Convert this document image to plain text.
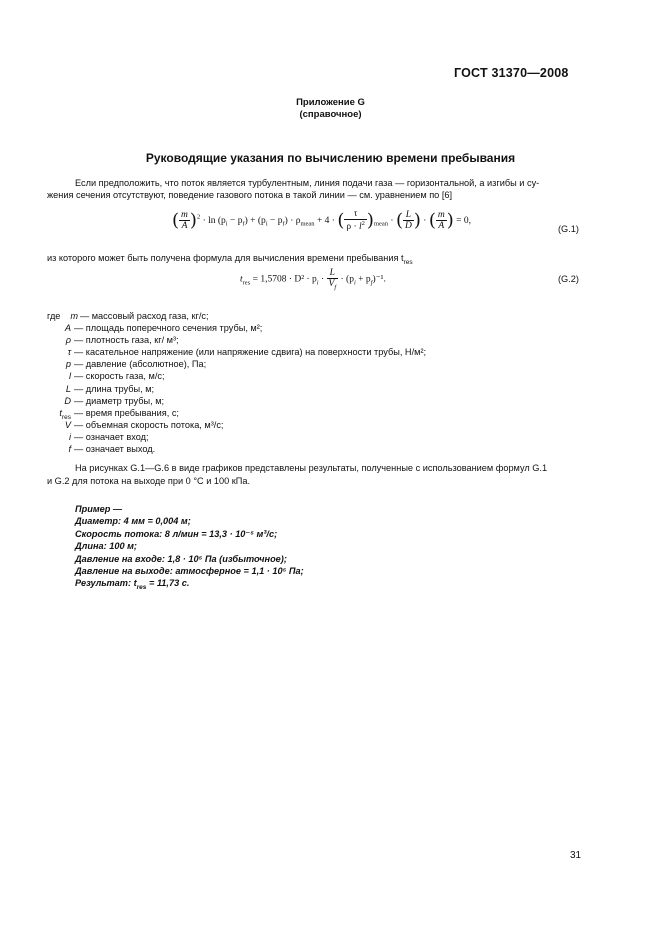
ГОСТ 31370—2008
Приложение G
(справочное)
Руководящие указания по вычислению времени пребывания
Если предположить, что поток является турбулентным, линия подачи газа — горизонтальной, а изгибы и су-
жения сечения отсутствуют, поведение газового потока в такой линии — см. уравнением по [6]
( $\frac{m}{A} )^2 \cdot \ln (p_i - p_f) + (p_i - p_f) \cdot \rho_{mean} + 4$ · ( $\frac{\tau}{\rho \cdot l^2} )_{mean}$ · ( $\frac{L}{D}$ ) · ( $\frac{m}{A}$ ) = 0,
(G.1)
из которого может быть получена формула для вычисления времени пребывания $t_{res}$
$t_{res} = 1,5708 \cdot D^2 \cdot p_i \cdot \frac{L}{V_f} \cdot (p_i + p_f)^{-1}$.	(G.2)
где	m — массовый расход газа, кг/с;
A — площадь поперечного сечения трубы, м²;
ρ — плотность газа, кг/ м³;
τ — касательное напряжение (или напряжение сдвига) на поверхности трубы, Н/м²;
p — давление (абсолютное), Па;
l — скорость газа, м/с;
L — длина трубы, м;
D — диаметр трубы, м;
$t_{res}$ — время пребывания, с;
V — объемная скорость потока, м³/с;
i — означает вход;
f — означает выход.
На рисунках G.1—G.6 в виде графиков представлены результаты, полученные с использованием формул G.1
и G.2 для потока на выходе при 0 °С и 100 кПа.
Пример —
Диаметр: 4 мм = 0,004 м;
Скорость потока: 8 л/мин = 13,3 · 10⁻⁵ м³/с;
Длина: 100 м;
Давление на входе: 1,8 · 10⁵ Па (избыточное);
Давление на выходе: атмосферное = 1,1 · 10⁵ Па;
Результат: $t_{res} = 11,73$ с.
31
